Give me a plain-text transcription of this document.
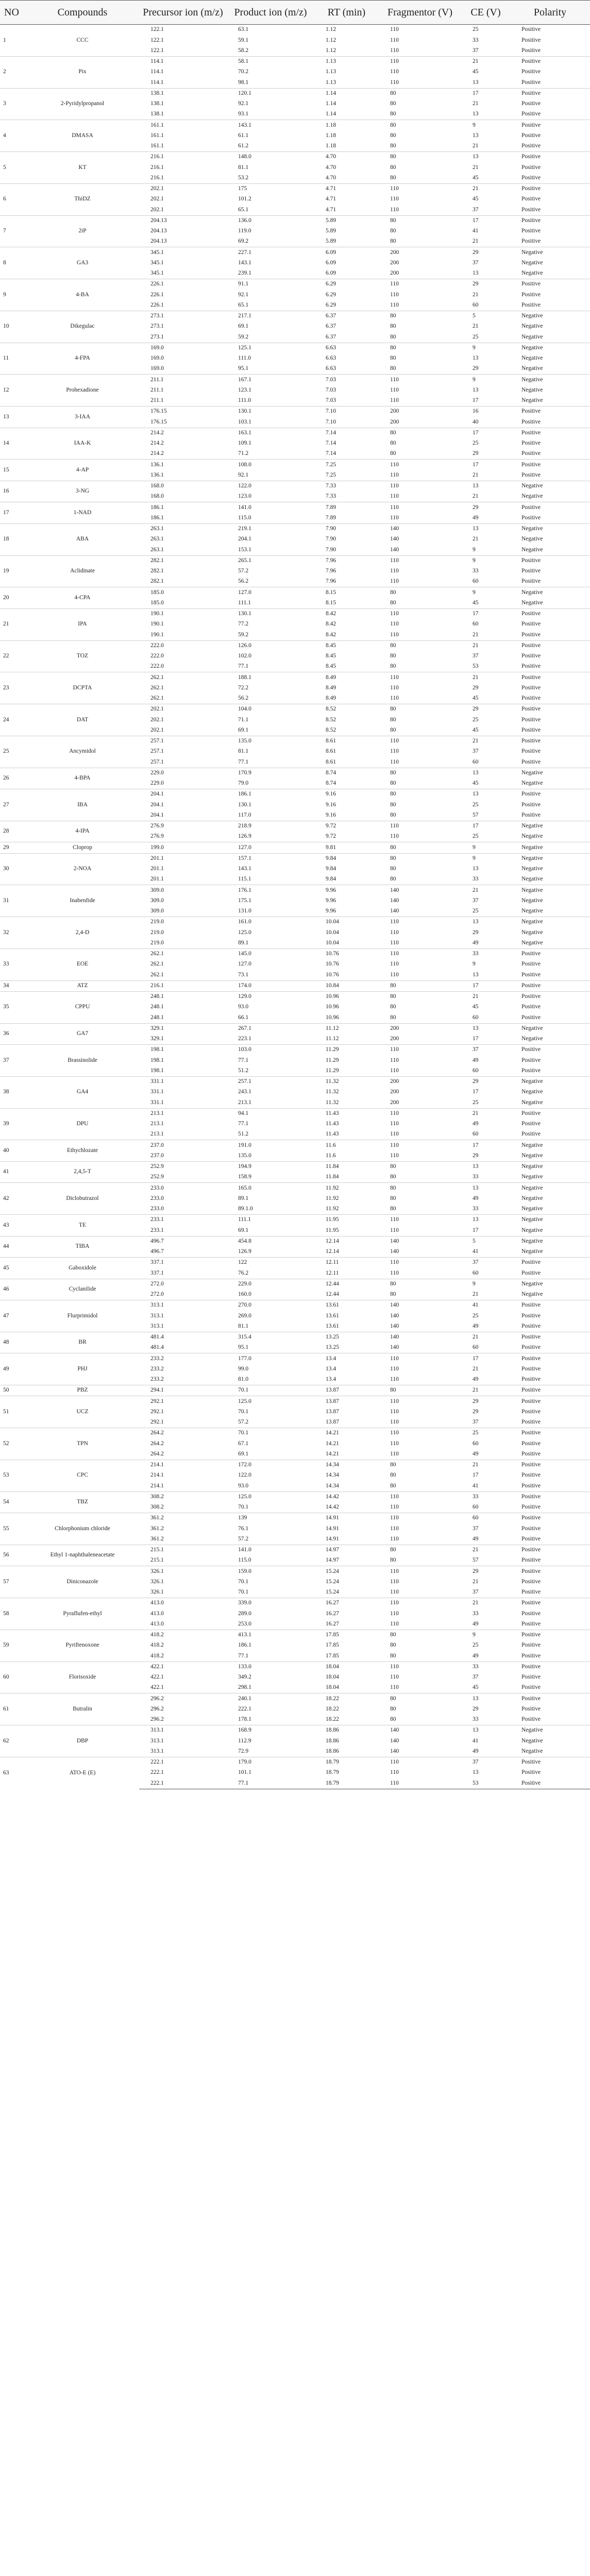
NO	Compounds	Precursor ion (m/z)	Product ion (m/z)	RT (min)	Fragmentor (V)	CE (V)	Polarity
1	CCC	122.1	63.1	1.12	110	25	Positive
		122.1	59.1	1.12	110	33	Positive
		122.1	58.2	1.12	110	37	Positive
2	Pix	114.1	58.1	1.13	110	21	Positive
		114.1	70.2	1.13	110	45	Positive
		114.1	98.1	1.13	110	13	Positive
3	2-Pyridylpropanol	138.1	120.1	1.14	80	17	Positive
		138.1	92.1	1.14	80	21	Positive
		138.1	93.1	1.14	80	13	Positive
4	DMASA	161.1	143.1	1.18	80	9	Positive
		161.1	61.1	1.18	80	13	Positive
		161.1	61.2	1.18	80	21	Positive
5	KT	216.1	148.0	4.70	80	13	Positive
		216.1	81.1	4.70	80	21	Positive
		216.1	53.2	4.70	80	45	Positive
6	ThiDZ	202.1	175	4.71	110	21	Positive
		202.1	101.2	4.71	110	45	Positive
		202.1	65.1	4.71	110	37	Positive
7	2iP	204.13	136.0	5.89	80	17	Positive
		204.13	119.0	5.89	80	41	Positive
		204.13	69.2	5.89	80	21	Positive
8	GA3	345.1	227.1	6.09	200	29	Negative
		345.1	143.1	6.09	200	37	Negative
		345.1	239.1	6.09	200	13	Negative
9	4-BA	226.1	91.1	6.29	110	29	Positive
		226.1	92.1	6.29	110	21	Positive
		226.1	65.1	6.29	110	60	Positive
10	Dikegulac	273.1	217.1	6.37	80	5	Negative
		273.1	69.1	6.37	80	21	Negative
		273.1	59.2	6.37	80	25	Negative
11	4-FPA	169.0	125.1	6.63	80	9	Negative
		169.0	111.0	6.63	80	13	Negative
		169.0	95.1	6.63	80	29	Negative
12	Prohexadione	211.1	167.1	7.03	110	9	Negative
		211.1	123.1	7.03	110	13	Negative
		211.1	111.0	7.03	110	17	Negative
13	3-IAA	176.15	130.1	7.10	200	16	Positive
		176.15	103.1	7.10	200	40	Positive
14	IAA-K	214.2	163.1	7.14	80	17	Positive
		214.2	109.1	7.14	80	25	Positive
		214.2	71.2	7.14	80	29	Positive
15	4-AP	136.1	108.0	7.25	110	17	Positive
		136.1	92.1	7.25	110	21	Positive
16	3-NG	168.0	122.0	7.33	110	13	Negative
		168.0	123.0	7.33	110	21	Negative
17	1-NAD	186.1	141.0	7.89	110	29	Positive
		186.1	115.0	7.89	110	49	Positive
18	ABA	263.1	219.1	7.90	140	13	Negative
		263.1	204.1	7.90	140	21	Negative
		263.1	153.1	7.90	140	9	Negative
19	Aclidinate	282.1	265.1	7.96	110	9	Positive
		282.1	57.2	7.96	110	33	Positive
		282.1	56.2	7.96	110	60	Positive
20	4-CPA	185.0	127.0	8.15	80	9	Negative
		185.0	111.1	8.15	80	45	Negative
21	IPA	190.1	130.1	8.42	110	17	Positive
		190.1	77.2	8.42	110	60	Positive
		190.1	59.2	8.42	110	21	Positive
22	TOZ	222.0	126.0	8.45	80	21	Positive
		222.0	102.0	8.45	80	37	Positive
		222.0	77.1	8.45	80	53	Positive
23	DCPTA	262.1	188.1	8.49	110	21	Positive
		262.1	72.2	8.49	110	29	Positive
		262.1	56.2	8.49	110	45	Positive
24	DAT	202.1	104.0	8.52	80	29	Positive
		202.1	71.1	8.52	80	25	Positive
		202.1	69.1	8.52	80	45	Positive
25	Ancymidol	257.1	135.0	8.61	110	21	Positive
		257.1	81.1	8.61	110	37	Positive
		257.1	77.1	8.61	110	60	Positive
26	4-BPA	229.0	170.9	8.74	80	13	Negative
		229.0	79.0	8.74	80	45	Negative
27	IBA	204.1	186.1	9.16	80	13	Positive
		204.1	130.1	9.16	80	25	Positive
		204.1	117.0	9.16	80	57	Positive
28	4-IPA	276.9	218.9	9.72	110	17	Negative
		276.9	126.9	9.72	110	25	Negative
29	Cloprop	199.0	127.0	9.81	80	9	Negative
30	2-NOA	201.1	157.1	9.84	80	9	Negative
		201.1	143.1	9.84	80	13	Negative
		201.1	115.1	9.84	80	33	Negative
31	Inabenfide	309.0	176.1	9.96	140	21	Negative
		309.0	175.1	9.96	140	37	Negative
		309.0	131.0	9.96	140	25	Negative
32	2,4-D	219.0	161.0	10.04	110	13	Negative
		219.0	125.0	10.04	110	29	Negative
		219.0	89.1	10.04	110	49	Negative
33	EOE	262.1	145.0	10.76	110	33	Positive
		262.1	127.0	10.76	110	9	Positive
		262.1	73.1	10.76	110	13	Positive
34	ATZ	216.1	174.0	10.84	80	17	Positive
35	CPPU	248.1	129.0	10.96	80	21	Positive
		248.1	93.0	10.96	80	45	Positive
		248.1	66.1	10.96	80	60	Positive
36	GA7	329.1	267.1	11.12	200	13	Negative
		329.1	223.1	11.12	200	17	Negative
37	Brassinolide	198.1	103.0	11.29	110	37	Positive
		198.1	77.1	11.29	110	49	Positive
		198.1	51.2	11.29	110	60	Positive
38	GA4	331.1	257.1	11.32	200	29	Negative
		331.1	243.1	11.32	200	17	Negative
		331.1	213.1	11.32	200	25	Negative
39	DPU	213.1	94.1	11.43	110	21	Positive
		213.1	77.1	11.43	110	49	Positive
		213.1	51.2	11.43	110	60	Positive
40	Ethychlozate	237.0	191.0	11.6	110	17	Negative
		237.0	135.0	11.6	110	29	Negative
41	2,4,5-T	252.9	194.9	11.84	80	13	Negative
		252.9	158.9	11.84	80	33	Negative
42	Diclobutrazol	233.0	165.0	11.92	80	13	Negative
		233.0	89.1	11.92	80	49	Negative
		233.0	89.1.0	11.92	80	33	Negative
43	TE	233.1	111.1	11.95	110	13	Negative
		233.1	69.1	11.95	110	17	Negative
44	TIBA	496.7	454.8	12.14	140	5	Negative
		496.7	126.9	12.14	140	41	Negative
45	Gaboxidole	337.1	122	12.11	110	37	Positive
		337.1	76.2	12.11	110	60	Positive
46	Cyclanilide	272.0	229.0	12.44	80	9	Negative
		272.0	160.0	12.44	80	21	Negative
47	Flurprimidol	313.1	270.0	13.61	140	41	Positive
		313.1	269.0	13.61	140	25	Positive
		313.1	81.1	13.61	140	49	Positive
48	BR	481.4	315.4	13.25	140	21	Positive
		481.4	95.1	13.25	140	60	Positive
49	PHJ	233.2	177.0	13.4	110	17	Positive
		233.2	99.0	13.4	110	21	Positive
		233.2	81.0	13.4	110	49	Positive
50	PBZ	294.1	70.1	13.87	80	21	Positive
51	UCZ	292.1	125.0	13.87	110	29	Positive
		292.1	70.1	13.87	110	29	Positive
		292.1	57.2	13.87	110	37	Positive
52	TPN	264.2	70.1	14.21	110	25	Positive
		264.2	67.1	14.21	110	60	Positive
		264.2	69.1	14.21	110	49	Positive
53	CPC	214.1	172.0	14.34	80	21	Positive
		214.1	122.0	14.34	80	17	Positive
		214.1	93.0	14.34	80	41	Positive
54	TBZ	308.2	125.0	14.42	110	33	Positive
		308.2	70.1	14.42	110	60	Positive
55	Chlorphonium chloride	361.2	139	14.91	110	60	Positive
		361.2	76.1	14.91	110	37	Positive
		361.2	57.2	14.91	110	49	Positive
56	Ethyl 1-naphthaleneacetate	215.1	141.0	14.97	80	21	Positive
		215.1	115.0	14.97	80	57	Positive
57	Diniconazole	326.1	159.0	15.24	110	29	Positive
		326.1	70.1	15.24	110	21	Positive
		326.1	70.1	15.24	110	37	Positive
58	Pyraflufen-ethyl	413.0	339.0	16.27	110	21	Positive
		413.0	289.0	16.27	110	33	Positive
		413.0	253.0	16.27	110	49	Positive
59	Pyriftenoxone	418.2	413.1	17.85	80	9	Positive
		418.2	186.1	17.85	80	25	Positive
		418.2	77.1	17.85	80	49	Positive
60	Florisoxide	422.1	133.0	18.04	110	33	Positive
		422.1	349.2	18.04	110	37	Positive
		422.1	298.1	18.04	110	45	Positive
61	Butralin	296.2	240.1	18.22	80	13	Positive
		296.2	222.1	18.22	80	29	Positive
		296.2	178.1	18.22	80	33	Positive
62	DBP	313.1	168.9	18.86	140	13	Negative
		313.1	112.9	18.86	140	41	Negative
		313.1	72.9	18.86	140	49	Negative
63	ATO-E (E)	222.1	179.0	18.79	110	37	Positive
		222.1	101.1	18.79	110	13	Positive
		222.1	77.1	18.79	110	53	Positive
